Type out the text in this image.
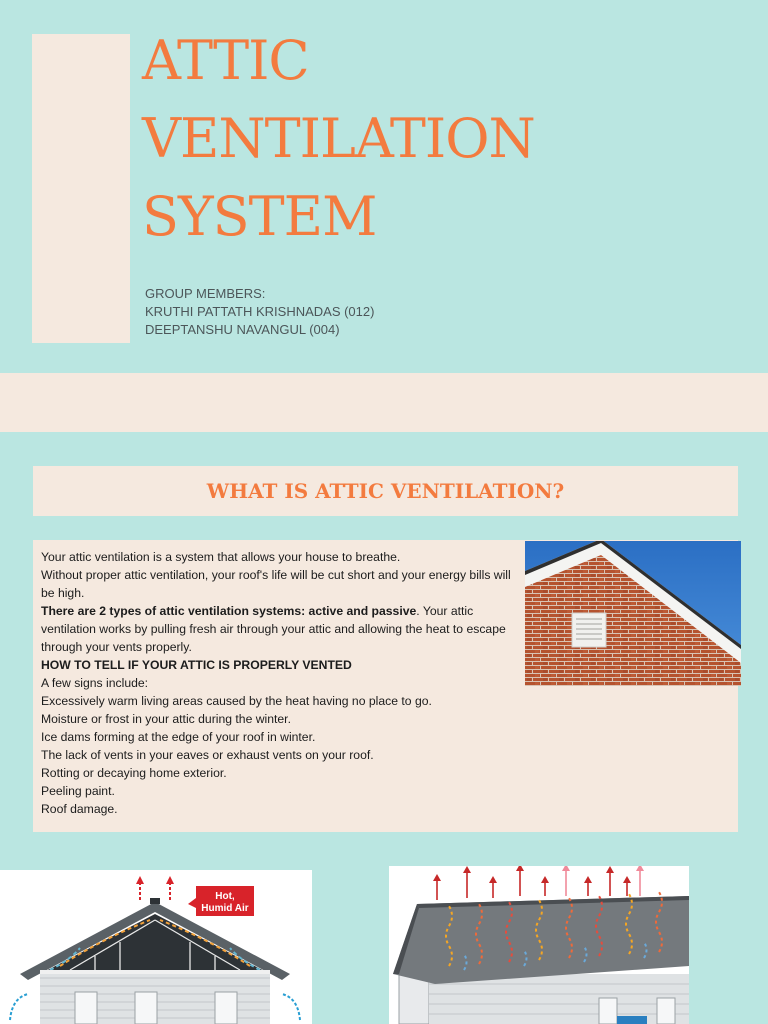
ATTIC
VENTILATION
SYSTEM
GROUP MEMBERS:
KRUTHI PATTATH KRISHNADAS (012)
DEEPTANSHU NAVANGUL (004)
WHAT IS ATTIC VENTILATION?

Your attic ventilation is a system that allows your house to breathe.

Without proper attic ventilation, your roof's life will be cut short and your energy bills will be high.

There are 2 types of attic ventilation systems: active and passive. Your attic ventilation works by pulling fresh air through your attic and allowing the heat to escape through your vents properly.

HOW TO TELL IF YOUR ATTIC IS PROPERLY VENTED

A few signs include:

Excessively warm living areas caused by the heat having no place to go.

Moisture or frost in your attic during the winter.

Ice dams forming at the edge of your roof in winter.

The lack of vents in your eaves or exhaust vents on your roof.

Rotting or decaying home exterior.

Peeling paint.

Roof damage.

Hot,
Humid Air
